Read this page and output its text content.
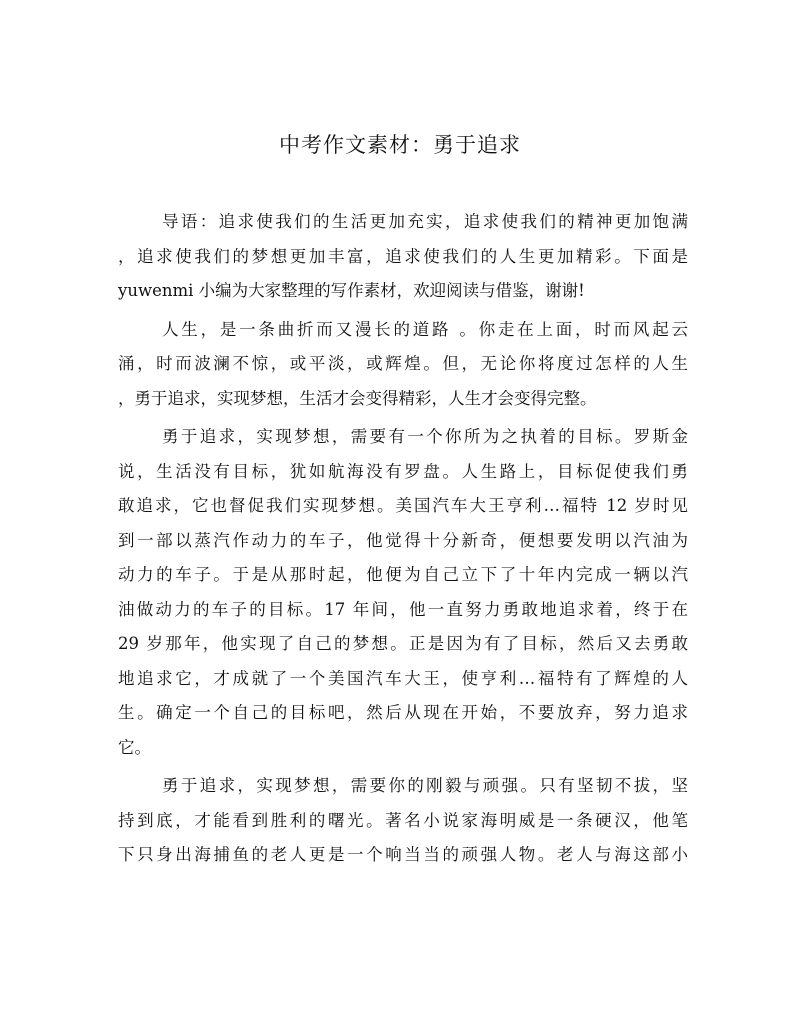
中考作文素材：勇于追求
导语：追求使我们的生活更加充实，追求使我们的精神更加饱满
，追求使我们的梦想更加丰富，追求使我们的人生更加精彩。下面是
yuwenmi 小编为大家整理的写作素材，欢迎阅读与借鉴，谢谢!
人生，是一条曲折而又漫长的道路 。你走在上面，时而风起云
涌，时而波澜不惊，或平淡，或辉煌。但，无论你将度过怎样的人生
，勇于追求，实现梦想，生活才会变得精彩，人生才会变得完整。
勇于追求，实现梦想，需要有一个你所为之执着的目标。罗斯金
说，生活没有目标，犹如航海没有罗盘。人生路上，目标促使我们勇
敢追求，它也督促我们实现梦想。美国汽车大王亨利…福特 12 岁时见
到一部以蒸汽作动力的车子，他觉得十分新奇，便想要发明以汽油为
动力的车子。于是从那时起，他便为自己立下了十年内完成一辆以汽
油做动力的车子的目标。17 年间，他一直努力勇敢地追求着，终于在
29 岁那年，他实现了自己的梦想。正是因为有了目标，然后又去勇敢
地追求它，才成就了一个美国汽车大王，使亨利…福特有了辉煌的人
生。确定一个自己的目标吧，然后从现在开始，不要放弃，努力追求
它。
勇于追求，实现梦想，需要你的刚毅与顽强。只有坚韧不拔，坚
持到底，才能看到胜利的曙光。著名小说家海明威是一条硬汉，他笔
下只身出海捕鱼的老人更是一个响当当的顽强人物。老人与海这部小
